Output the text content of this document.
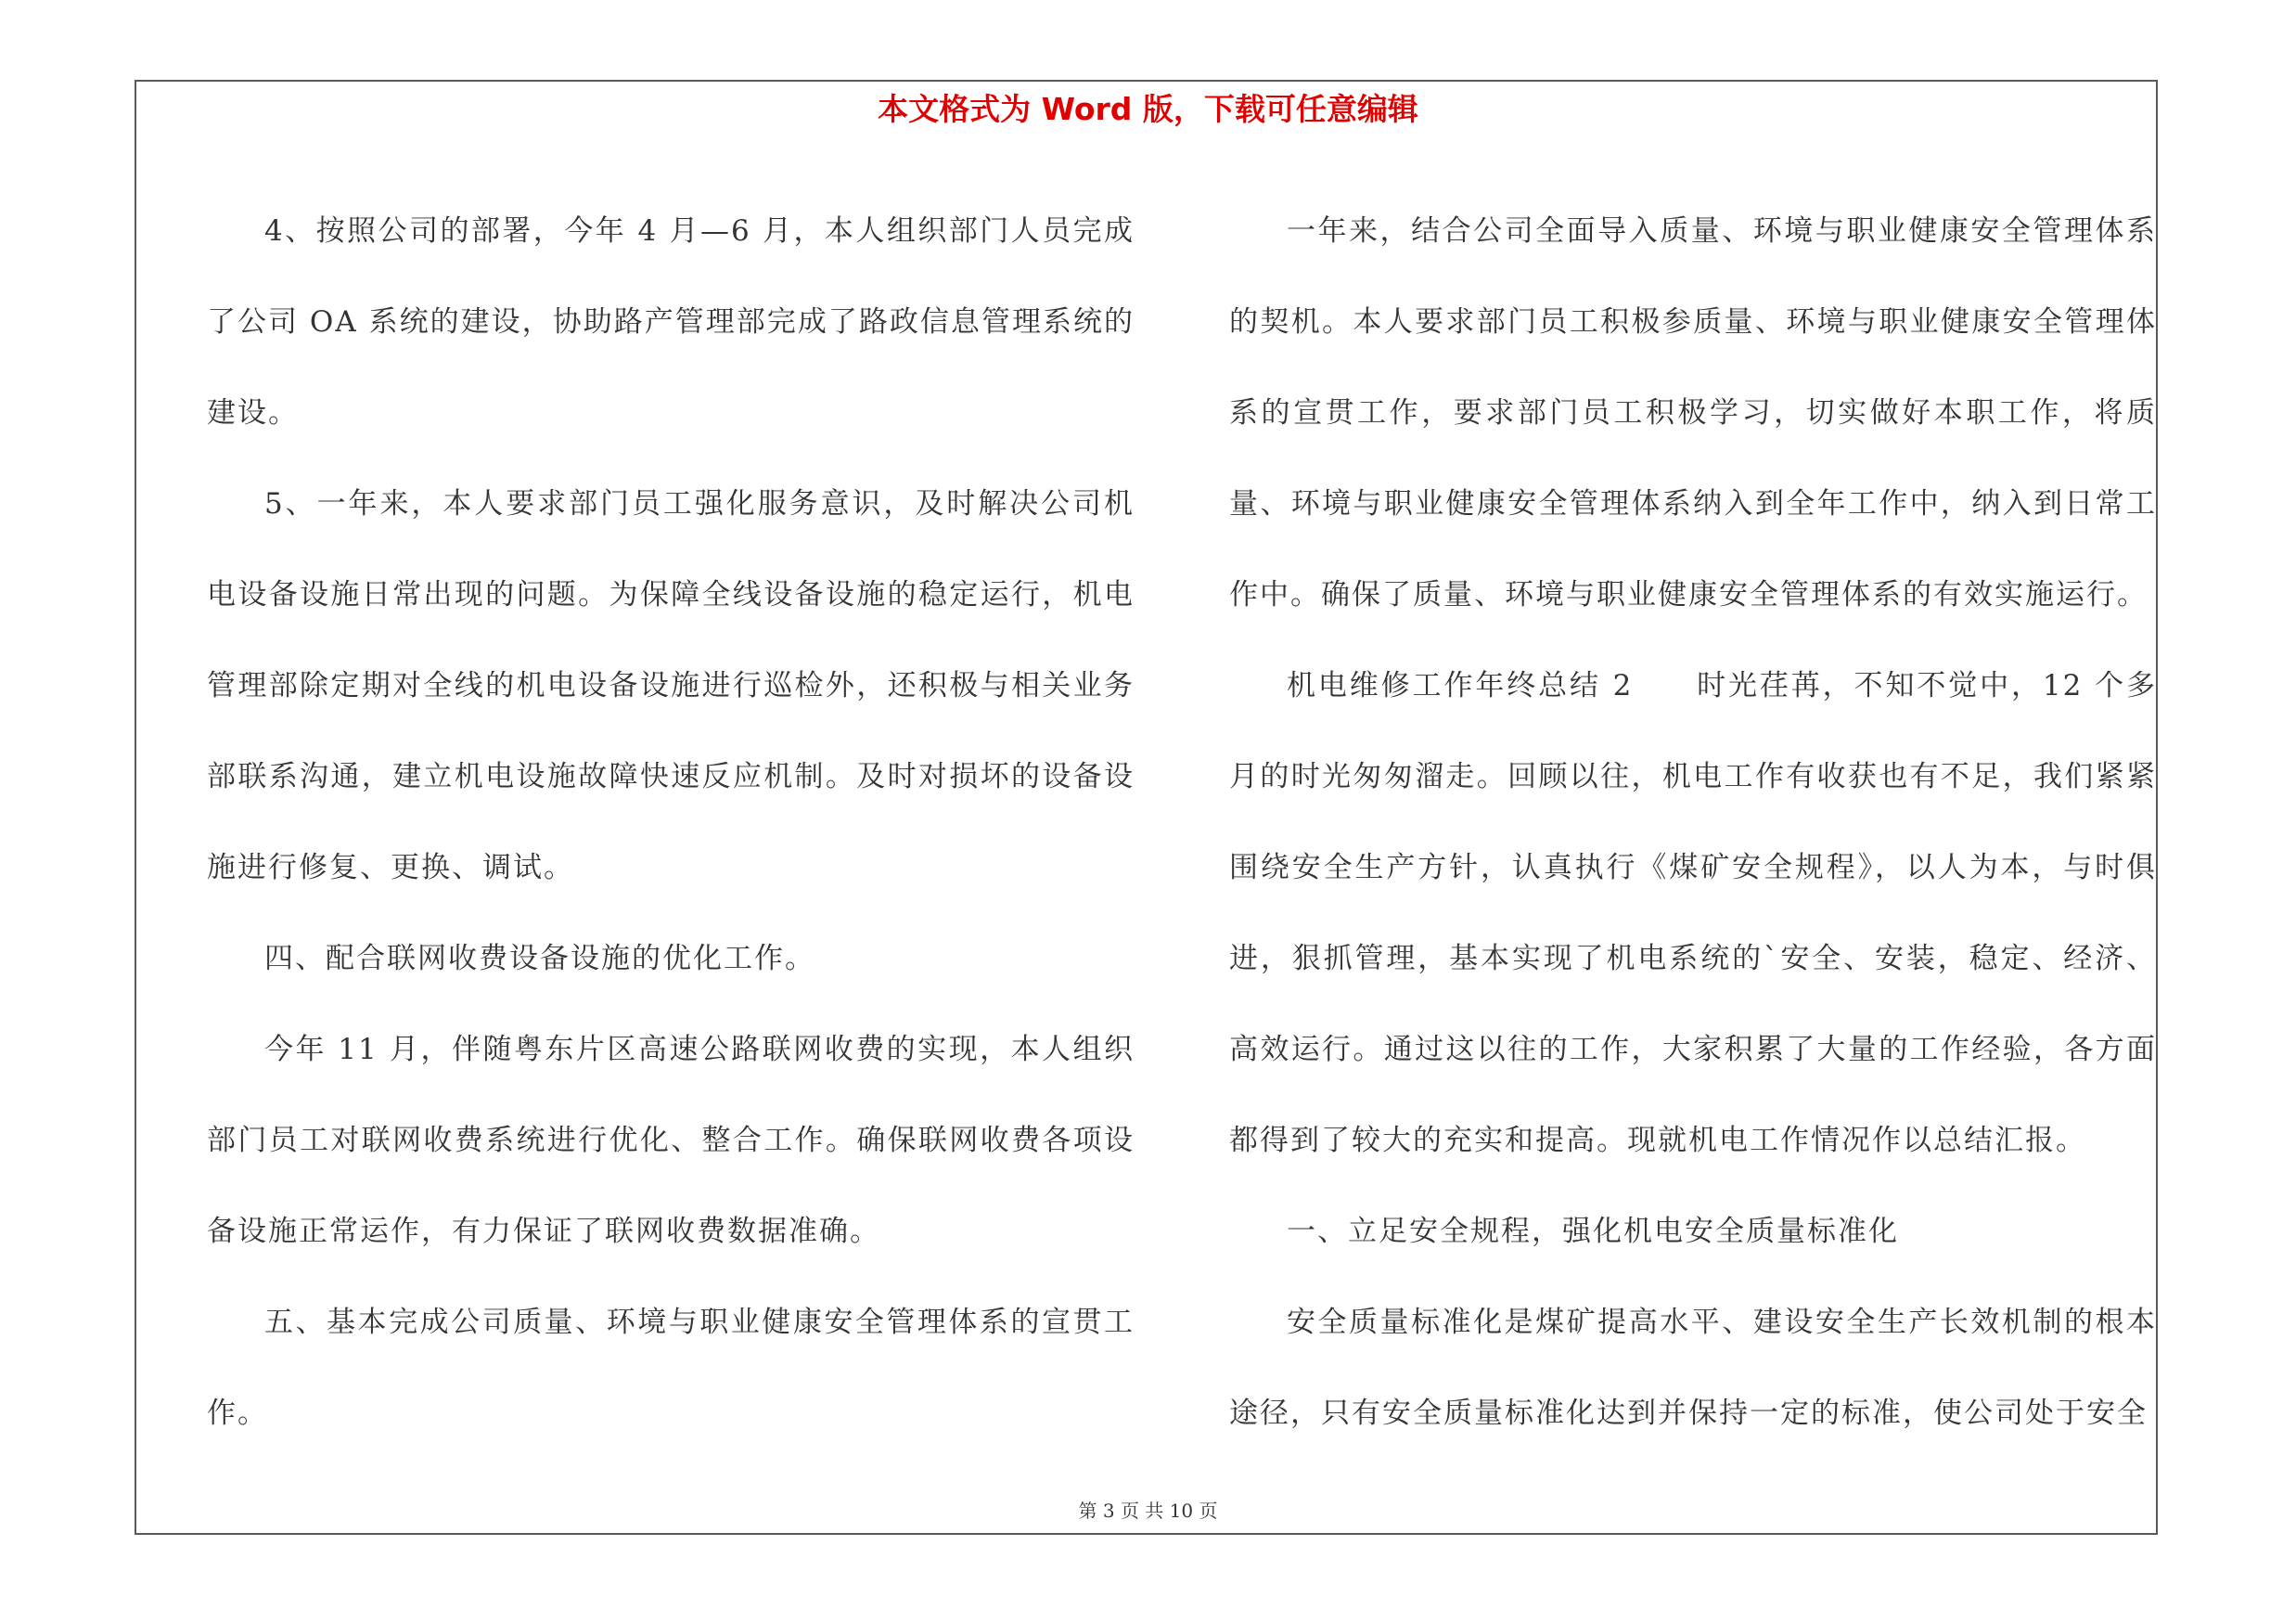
本文格式为 Word 版，下载可任意编辑

4、按照公司的部署，今年 4 月—6 月，本人组织部门人员完成了公司 OA 系统的建设，协助路产管理部完成了路政信息管理系统的建设。

5、一年来，本人要求部门员工强化服务意识，及时解决公司机电设备设施日常出现的问题。为保障全线设备设施的稳定运行，机电管理部除定期对全线的机电设备设施进行巡检外，还积极与相关业务部联系沟通，建立机电设施故障快速反应机制。及时对损坏的设备设施进行修复、更换、调试。

四、配合联网收费设备设施的优化工作。

今年 11 月，伴随粤东片区高速公路联网收费的实现，本人组织部门员工对联网收费系统进行优化、整合工作。确保联网收费各项设备设施正常运作，有力保证了联网收费数据准确。

五、基本完成公司质量、环境与职业健康安全管理体系的宣贯工作。

一年来，结合公司全面导入质量、环境与职业健康安全管理体系的契机。本人要求部门员工积极参质量、环境与职业健康安全管理体系的宣贯工作，要求部门员工积极学习，切实做好本职工作，将质量、环境与职业健康安全管理体系纳入到全年工作中，纳入到日常工作中。确保了质量、环境与职业健康安全管理体系的有效实施运行。

机电维修工作年终总结 2　　时光荏苒，不知不觉中，12 个多月的时光匆匆溜走。回顾以往，机电工作有收获也有不足，我们紧紧围绕安全生产方针，认真执行《煤矿安全规程》，以人为本，与时俱进，狠抓管理，基本实现了机电系统的`安全、安装，稳定、经济、高效运行。通过这以往的工作，大家积累了大量的工作经验，各方面都得到了较大的充实和提高。现就机电工作情况作以总结汇报。

一、立足安全规程，强化机电安全质量标准化

安全质量标准化是煤矿提高水平、建设安全生产长效机制的根本途径，只有安全质量标准化达到并保持一定的标准，使公司处于安全

第 3 页 共 10 页
